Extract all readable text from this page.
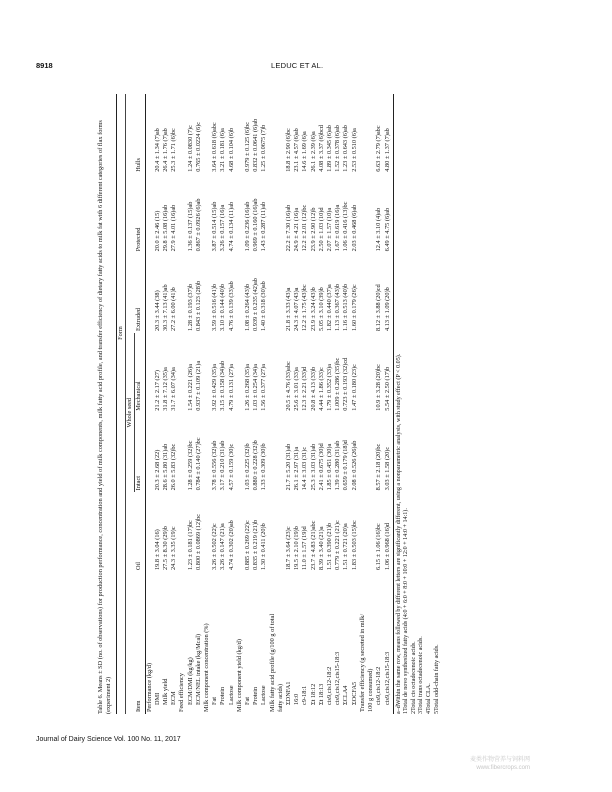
8918	LEDUC ET AL.
Table 6. Means ± SD (no. of observations) for production performance, concentration and yield of milk components, milk fatty acid profile, and transfer efficiency of dietary fatty acids to milk fat with 6 different categories of flax forms (experiment 2)
	Form					
		Whole seed				
Item	Oil	Intact	Mechanical	Extruded	Protected	Hulls
Performance (kg/d)						
DMI	19.8 ± 3.04 (16)	20.3 ± 2.68 (22)	21.2 ± 2.17 (27)	20.3 ± 3.44 (38)	20.0 ± 2.46 (15)	20.4 ± 1.34 (7)ab
Milk yield	27.5 ± 8.30 (29)b	28.6 ± 5.80 (31)ab	31.8 ± 7.12 (35)a	30.3 ± 7.13 (41)ab	29.8 ± 5.08 (16)ab	26.4 ± 1.76 (7)ab
ECM	24.3 ± 3.35 (19)c	26.0 ± 5.83 (32)bc	31.7 ± 6.07 (34)a	27.2 ± 6.00 (41)b	27.9 ± 4.01 (16)ab	25.3 ± 1.71 (6)bc
Feed efficiency						
ECM/DMI (kg/kg)	1.23 ± 0.181 (17)bc	1.28 ± 0.259 (32)bc	1.54 ± 0.221 (26)a	1.28 ± 0.193 (37)b	1.36 ± 0.137 (15)ab	1.24 ± 0.0830 (7)c
ECM/NEL intake (kg/Mcal)	0.800 ± 0.0869 (12)bc	0.784 ± 0.140 (27)bc	0.937 ± 0.109 (21)a	0.843 ± 0.123 (28)b	0.867 ± 0.0926 (6)ab	0.765 ± 0.0224 (6)c
Milk component concentration (%)						
Fat	3.26 ± 0.502 (22)c	3.78 ± 0.556 (32)ab	3.92 ± 0.429 (35)a	3.59 ± 0.516 (41)b	3.87 ± 0.514 (15)ab	3.64 ± 0.618 (6)abc
Protein	3.26 ± 0.147 (21)a	3.17 ± 0.210 (31)ab	3.15 ± 0.158 (34)ab	3.10 ± 0.144 (40)b	3.26 ± 0.157 (16)a	3.21 ± 0.181 (6)a
Lactose	4.74 ± 0.302 (20)ab	4.57 ± 0.159 (30)c	4.79 ± 0.131 (27)a	4.76 ± 0.139 (33)ab	4.74 ± 0.134 (11)ab	4.68 ± 0.104 (6)b
Milk component yield (kg/d)						
Fat	0.885 ± 0.269 (22)c	1.03 ± 0.225 (32)b	1.26 ± 0.268 (35)a	1.08 ± 0.264 (43)b	1.09 ± 0.236 (16)ab	0.979 ± 0.125 (6)bc
Protein	0.835 ± 0.219 (21)b	0.880 ± 0.228 (32)b	1.03 ± 0.254 (34)a	0.939 ± 0.235 (42)ab	0.969 ± 0.160 (16)ab	0.832 ± 0.0641 (6)ab
Lactose	1.30 ± 0.411 (20)b	1.33 ± 0.309 (30)b	1.56 ± 0.377 (27)a	1.40 ± 0.318 (30)ab	1.43 ± 0.287 (11)ab	1.25 ± 0.0675 (7)b
Milk fatty acid profile (g/100 g of total						
fatty acids)						
ΣDNFA1	18.7 ± 3.64 (23)c	21.7 ± 5.20 (31)ab	20.5 ± 4.76 (33)abc	21.8 ± 3.33 (43)a	22.2 ± 7.30 (16)ab	18.8 ± 2.90 (6)bc
16:0	19.5 ± 2.10 (19)b	26.1 ± 2.97 (31)a	25.6 ± 3.01 (33)a	24.3 ± 4.07 (43)a	24.9 ± 4.21 (16)a	23.1 ± 4.57 (6)ab
c9-18:1	11.0 ± 1.57 (19)d	14.4 ± 3.03 (31)c	12.3 ± 2.21 (33)d	12.2 ± 1.75 (43)bc	12.2 ± 2.01 (12)bc	14.6 ± 1.69 (6)a
Σt 18:12	23.7 ± 4.83 (21)abc	25.3 ± 3.03 (31)ab	20.8 ± 4.13 (33)b	23.9 ± 3.24 (43)b	23.9 ± 2.90 (12)b	26.1 ± 2.39 (6)a
Σt 18:13	8.39 ± 3.40 (21)a	2.41 ± 0.675 (30)d	4.44 ± 1.86 (33)c	5.05 ± 3.10 (39)b	2.50 ± 1.03 (10)d	4.08 ± 3.37 (6)bcd
cis9,cis12-18:2	1.51 ± 0.390 (21)b	1.85 ± 0.451 (30)a	1.79 ± 0.352 (33)a	1.82 ± 0.440 (37)a	2.07 ± 1.57 (10)a	1.89 ± 0.345 (6)ab
cis9,cis12,cis15-18:3	0.779 ± 0.221 (21)c	1.39 ± 0.280 (31)ab	1.009 ± 0.286 (35)bc	1.13 ± 0.367 (43)b	1.67 ± 0.619 (16)a	1.52 ± 0.378 (6)ab
ΣCLA4	1.51 ± 0.721 (20)a	0.659 ± 0.179 (18)d	0.723 ± 0.193 (32)cd	1.16 ± 0.513 (40)b	1.06 ± 0.416 (13)bc	1.23 ± 0.643 (6)ab
ΣOCFA5	1.83 ± 0.503 (15)bc	2.08 ± 0.526 (26)ab	1.47 ± 0.180 (23)c	1.60 ± 0.179 (26)c	2.03 ± 0.468 (6)ab	2.53 ± 0.510 (6)a
Transfer efficiency (g secreted in milk/						
100 g consumed)						
cis9,cis12-18:2	6.15 ± 1.06 (16)bc	8.57 ± 2.18 (20)bc	10.9 ± 3.28 (20)bc	8.12 ± 3.88 (20)cd	12.4 ± 3.10 (4)ab	6.63 ± 2.79 (7)abc
cis9,cis12,cis15-18:3	1.06 ± 0.968 (16)d	3.03 ± 1.58 (20)c	5.54 ± 2.50 (17)b	4.13 ± 1.09 (20)b	6.49 ± 4.75 (6)ab	4.80 ± 1.37 (7)ab
a–dWithin the same row, means followed by different letters are significantly different, using a nonparametric analysis, with study effect (P < 0.05). 1Total de novo synthesized fatty acids (4:0 + 6:0 + 8:0 + 10:0 + 12:0 + 14:0 + 14:1). 2Total cis octadecenoic acids. 3Total trans octadecenoic acids. 4Total CLA. 5Total odd-chain fatty acids.
Journal of Dairy Science Vol. 100 No. 11, 2017
麦类作物营养与饲料网
www.fibercrops.com
